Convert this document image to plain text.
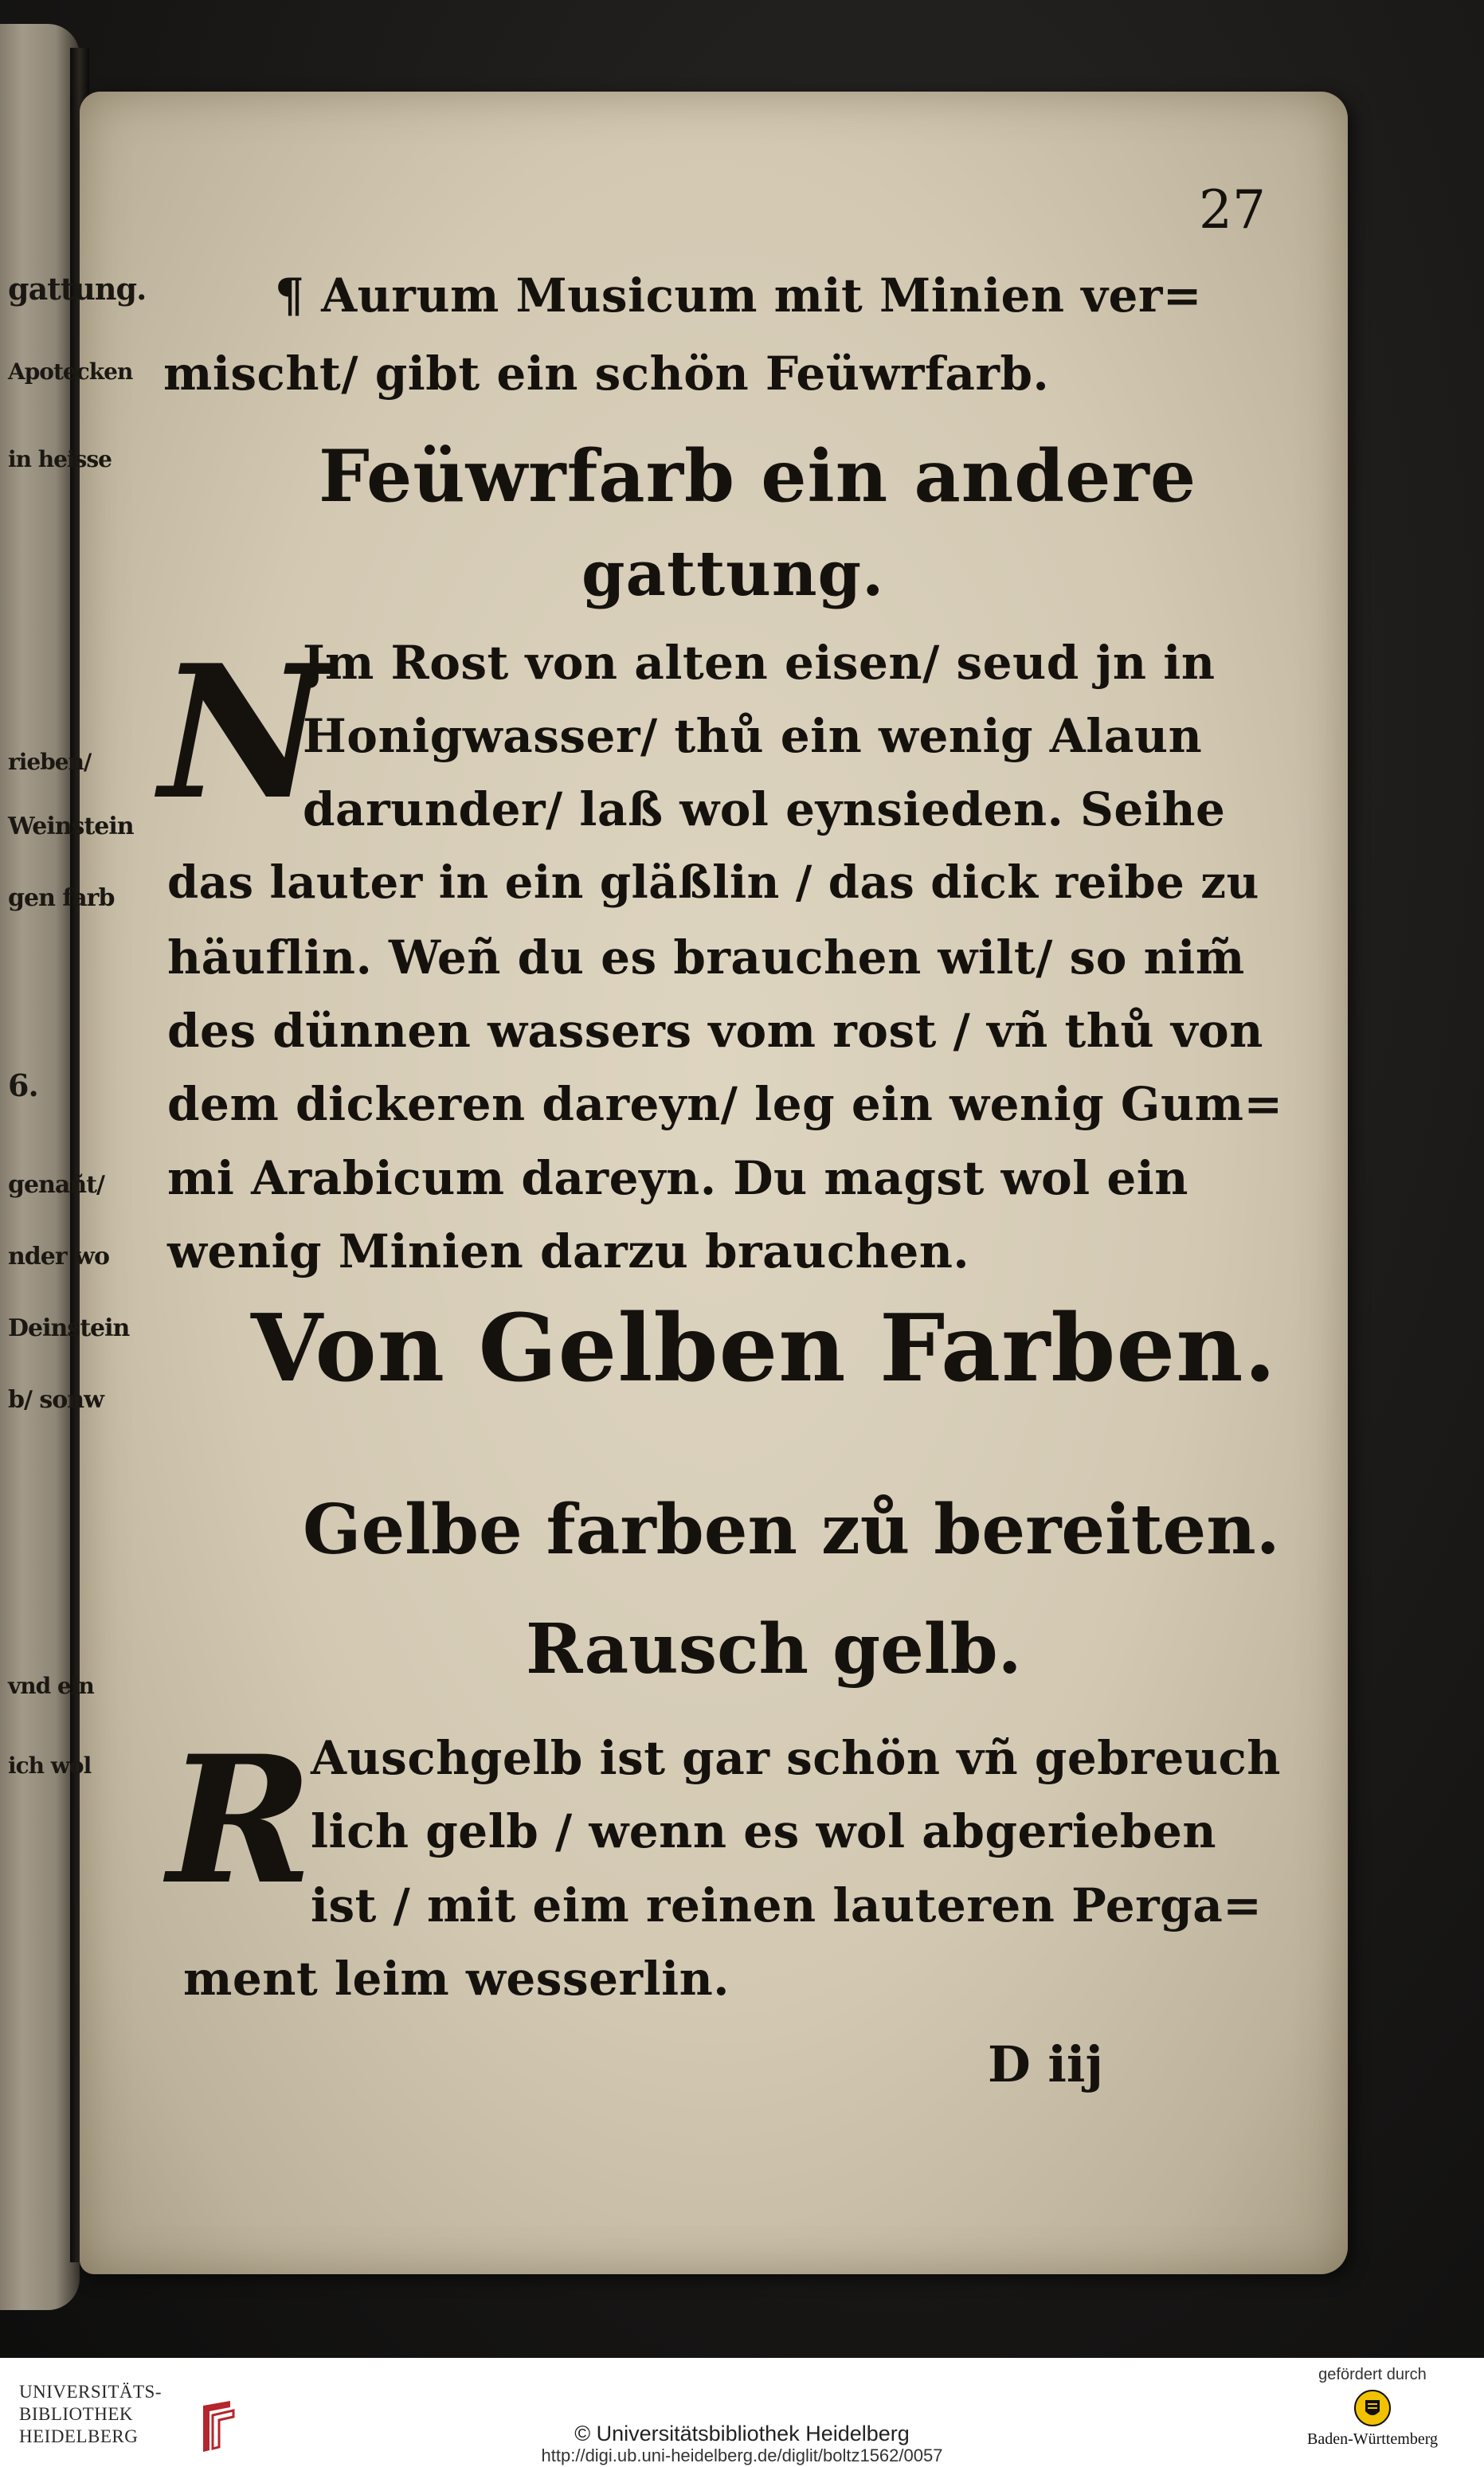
27
¶ Aurum Musicum mit Minien ver=
mischt/ gibt ein schön Feüwrfarb.
Feüwrfarb ein andere
gattung.
N
Jm Rost von alten eisen/ seud jn in
Honigwasser/ thů ein wenig Alaun
darunder/ laß wol eynsieden. Seihe
das lauter in ein gläßlin / das dick reibe zu
häuflin. Weñ du es brauchen wilt/ so nim̃
des dünnen wassers vom rost / vñ thů von
dem dickeren dareyn/ leg ein wenig Gum=
mi Arabicum dareyn. Du magst wol ein
wenig Minien darzu brauchen.
Von Gelben Farben.
Gelbe farben zů bereiten.
Rausch gelb.
R
Auschgelb ist gar schön vñ gebreuch
lich gelb / wenn es wol abgerieben
ist / mit eim reinen lauteren Perga=
ment leim wesserlin.
D iij
gattung.
Apotecken
in heisse
rieben/
Weinstein
gen farb
6.
genañt/
nder wo
Deinstein
b/ sonw
vnd ein
ich wol
UNIVERSITÄTS-
BIBLIOTHEK
HEIDELBERG	© Universitätsbibliothek Heidelberg
http://digi.ub.uni-heidelberg.de/diglit/boltz1562/0057
gefördert durch
Baden-Württemberg
